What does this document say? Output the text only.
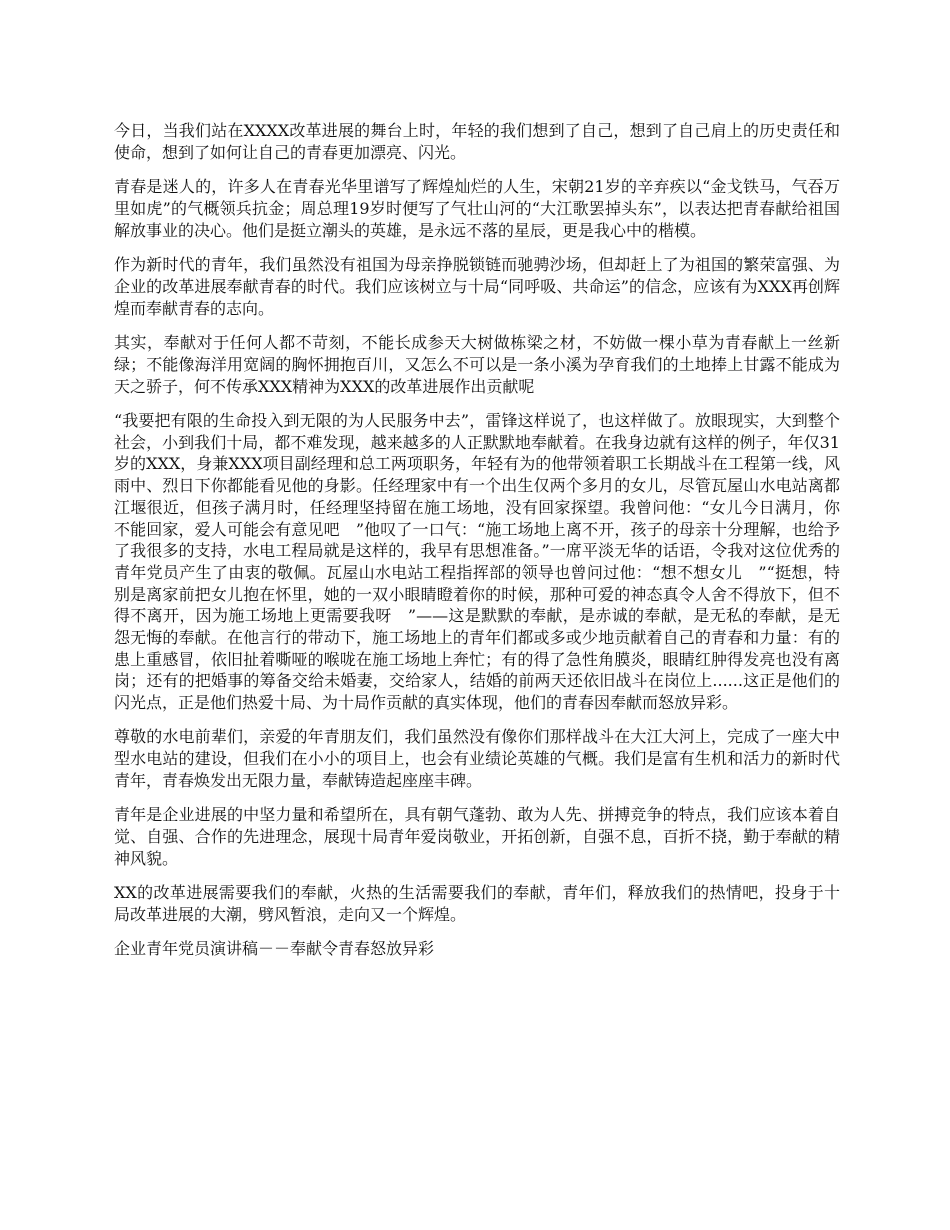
今日，当我们站在XXXX改革进展的舞台上时，年轻的我们想到了自己，想到了自己肩上的历史责任和使命，想到了如何让自己的青春更加漂亮、闪光。

青春是迷人的，许多人在青春光华里谱写了辉煌灿烂的人生，宋朝21岁的辛弃疾以“金戈铁马，气吞万里如虎”的气概领兵抗金；周总理19岁时便写了气壮山河的“大江歌罢掉头东”，以表达把青春献给祖国解放事业的决心。他们是挺立潮头的英雄，是永远不落的星辰，更是我心中的楷模。

作为新时代的青年，我们虽然没有祖国为母亲挣脱锁链而驰骋沙场，但却赶上了为祖国的繁荣富强、为企业的改革进展奉献青春的时代。我们应该树立与十局“同呼吸、共命运”的信念，应该有为XXX再创辉煌而奉献青春的志向。

其实，奉献对于任何人都不苛刻，不能长成参天大树做栋梁之材，不妨做一棵小草为青春献上一丝新绿；不能像海洋用宽阔的胸怀拥抱百川，又怎么不可以是一条小溪为孕育我们的土地捧上甘露不能成为天之骄子，何不传承XXX精神为XXX的改革进展作出贡献呢

“我要把有限的生命投入到无限的为人民服务中去”，雷锋这样说了，也这样做了。放眼现实，大到整个社会，小到我们十局，都不难发现，越来越多的人正默默地奉献着。在我身边就有这样的例子，年仅31岁的XXX，身兼XXX项目副经理和总工两项职务，年轻有为的他带领着职工长期战斗在工程第一线，风雨中、烈日下你都能看见他的身影。任经理家中有一个出生仅两个多月的女儿，尽管瓦屋山水电站离都江堰很近，但孩子满月时，任经理坚持留在施工场地，没有回家探望。我曾问他：“女儿今日满月，你不能回家，爱人可能会有意见吧　”他叹了一口气：“施工场地上离不开，孩子的母亲十分理解，也给予了我很多的支持，水电工程局就是这样的，我早有思想准备。”一席平淡无华的话语，令我对这位优秀的青年党员产生了由衷的敬佩。瓦屋山水电站工程指挥部的领导也曾问过他：“想不想女儿　”“挺想，特别是离家前把女儿抱在怀里，她的一双小眼睛瞪着你的时候，那种可爱的神态真令人舍不得放下，但不得不离开，因为施工场地上更需要我呀　”——这是默默的奉献，是赤诚的奉献，是无私的奉献，是无怨无悔的奉献。在他言行的带动下，施工场地上的青年们都或多或少地贡献着自己的青春和力量：有的患上重感冒，依旧扯着嘶哑的喉咙在施工场地上奔忙；有的得了急性角膜炎，眼睛红肿得发亮也没有离岗；还有的把婚事的筹备交给未婚妻，交给家人，结婚的前两天还依旧战斗在岗位上......这正是他们的闪光点，正是他们热爱十局、为十局作贡献的真实体现，他们的青春因奉献而怒放异彩。

尊敬的水电前辈们，亲爱的年青朋友们，我们虽然没有像你们那样战斗在大江大河上，完成了一座大中型水电站的建设，但我们在小小的项目上，也会有业绩论英雄的气概。我们是富有生机和活力的新时代青年，青春焕发出无限力量，奉献铸造起座座丰碑。

青年是企业进展的中坚力量和希望所在，具有朝气蓬勃、敢为人先、拼搏竞争的特点，我们应该本着自觉、自强、合作的先进理念，展现十局青年爱岗敬业，开拓创新，自强不息，百折不挠，勤于奉献的精神风貌。

XX的改革进展需要我们的奉献，火热的生活需要我们的奉献，青年们，释放我们的热情吧，投身于十局改革进展的大潮，劈风暂浪，走向又一个辉煌。

企业青年党员演讲稿－－奉献令青春怒放异彩
